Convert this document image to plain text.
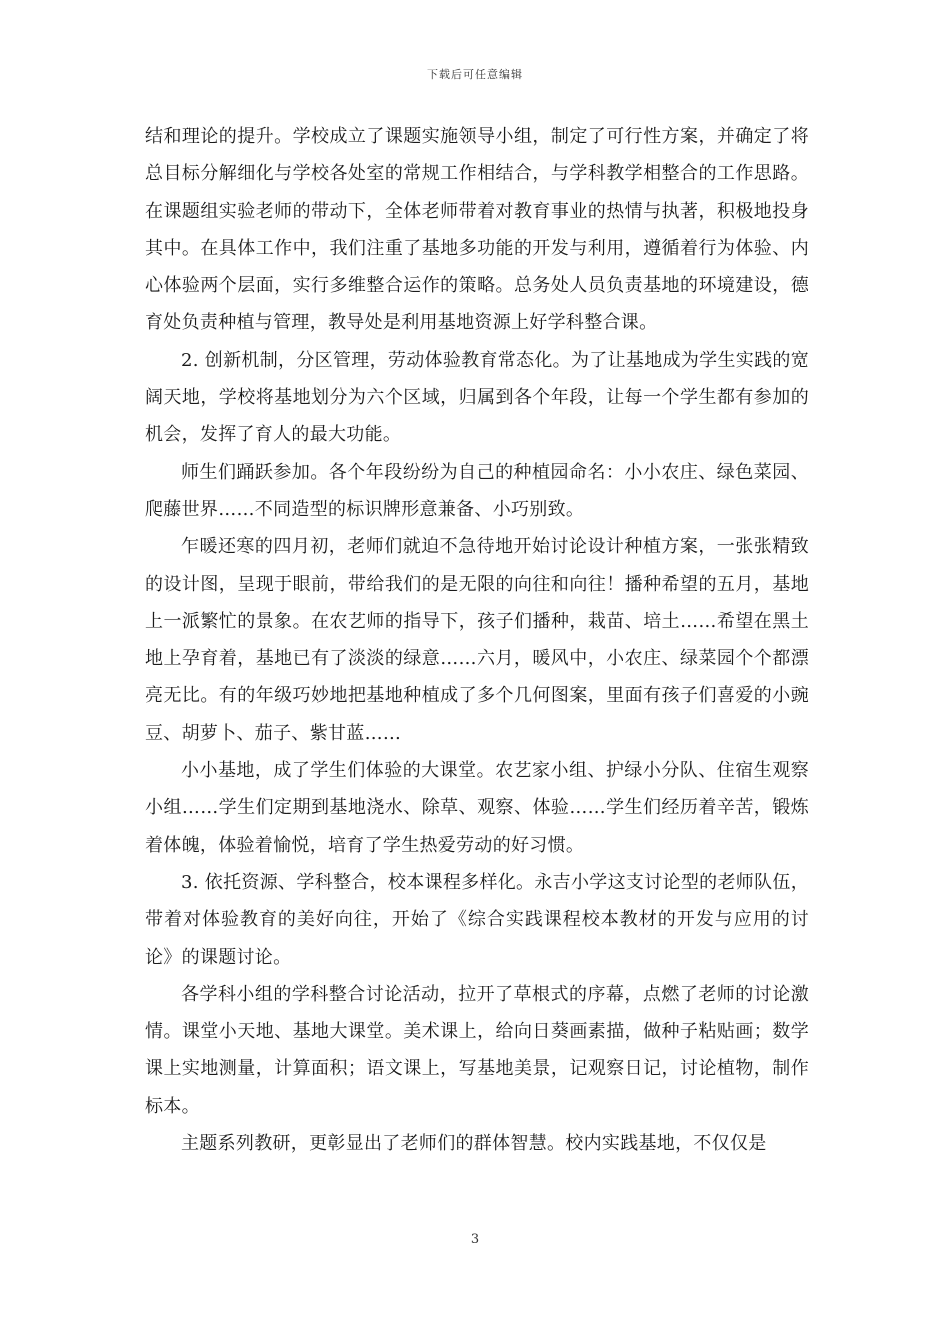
下载后可任意编辑

结和理论的提升。学校成立了课题实施领导小组，制定了可行性方案，并确定了将总目标分解细化与学校各处室的常规工作相结合，与学科教学相整合的工作思路。在课题组实验老师的带动下，全体老师带着对教育事业的热情与执著，积极地投身其中。在具体工作中，我们注重了基地多功能的开发与利用，遵循着行为体验、内心体验两个层面，实行多维整合运作的策略。总务处人员负责基地的环境建设，德育处负责种植与管理，教导处是利用基地资源上好学科整合课。

2. 创新机制，分区管理，劳动体验教育常态化。为了让基地成为学生实践的宽阔天地，学校将基地划分为六个区域，归属到各个年段，让每一个学生都有参加的机会，发挥了育人的最大功能。

师生们踊跃参加。各个年段纷纷为自己的种植园命名：小小农庄、绿色菜园、爬藤世界……不同造型的标识牌形意兼备、小巧别致。

乍暖还寒的四月初，老师们就迫不急待地开始讨论设计种植方案，一张张精致的设计图，呈现于眼前，带给我们的是无限的向往和向往！播种希望的五月，基地上一派繁忙的景象。在农艺师的指导下，孩子们播种，栽苗、培土……希望在黑土地上孕育着，基地已有了淡淡的绿意……六月，暖风中，小农庄、绿菜园个个都漂亮无比。有的年级巧妙地把基地种植成了多个几何图案，里面有孩子们喜爱的小豌豆、胡萝卜、茄子、紫甘蓝……

小小基地，成了学生们体验的大课堂。农艺家小组、护绿小分队、住宿生观察小组……学生们定期到基地浇水、除草、观察、体验……学生们经历着辛苦，锻炼着体魄，体验着愉悦，培育了学生热爱劳动的好习惯。

3. 依托资源、学科整合，校本课程多样化。永吉小学这支讨论型的老师队伍，带着对体验教育的美好向往，开始了《综合实践课程校本教材的开发与应用的讨论》的课题讨论。

各学科小组的学科整合讨论活动，拉开了草根式的序幕，点燃了老师的讨论激情。课堂小天地、基地大课堂。美术课上，给向日葵画素描，做种子粘贴画；数学课上实地测量，计算面积；语文课上，写基地美景，记观察日记，讨论植物，制作标本。

主题系列教研，更彰显出了老师们的群体智慧。校内实践基地，不仅仅是

3
